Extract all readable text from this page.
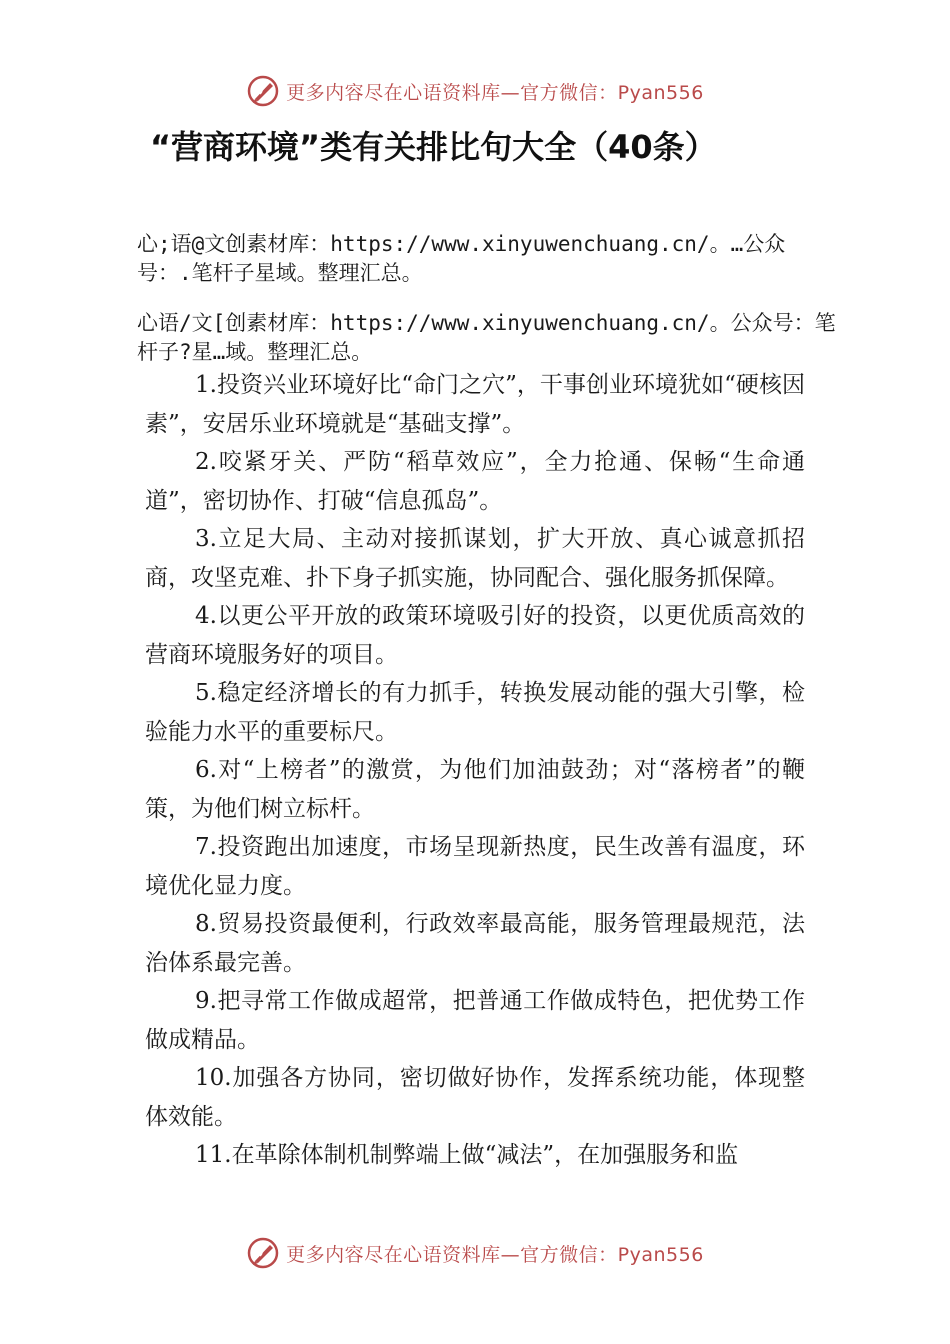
更多内容尽在心语资料库—官方微信：Pyan556
“营商环境”类有关排比句大全（40条）
心;语@文创素材库：https://www.xinyuwenchuang.cn/。…公众号：.笔杆子星域。整理汇总。
心语/文[创素材库：https://www.xinyuwenchuang.cn/。公众号：笔杆子?星…域。整理汇总。

1.投资兴业环境好比“命门之穴”，干事创业环境犹如“硬核因素”，安居乐业环境就是“基础支撑”。

2.咬紧牙关、严防“稻草效应”，全力抢通、保畅“生命通道”，密切协作、打破“信息孤岛”。

3.立足大局、主动对接抓谋划，扩大开放、真心诚意抓招商，攻坚克难、扑下身子抓实施，协同配合、强化服务抓保障。

4.以更公平开放的政策环境吸引好的投资，以更优质高效的营商环境服务好的项目。

5.稳定经济增长的有力抓手，转换发展动能的强大引擎，检验能力水平的重要标尺。

6.对“上榜者”的激赏，为他们加油鼓劲；对“落榜者”的鞭策，为他们树立标杆。

7.投资跑出加速度，市场呈现新热度，民生改善有温度，环境优化显力度。

8.贸易投资最便利，行政效率最高能，服务管理最规范，法治体系最完善。

9.把寻常工作做成超常，把普通工作做成特色，把优势工作做成精品。

10.加强各方协同，密切做好协作，发挥系统功能，体现整体效能。

11.在革除体制机制弊端上做“减法”，在加强服务和监

更多内容尽在心语资料库—官方微信：Pyan556
